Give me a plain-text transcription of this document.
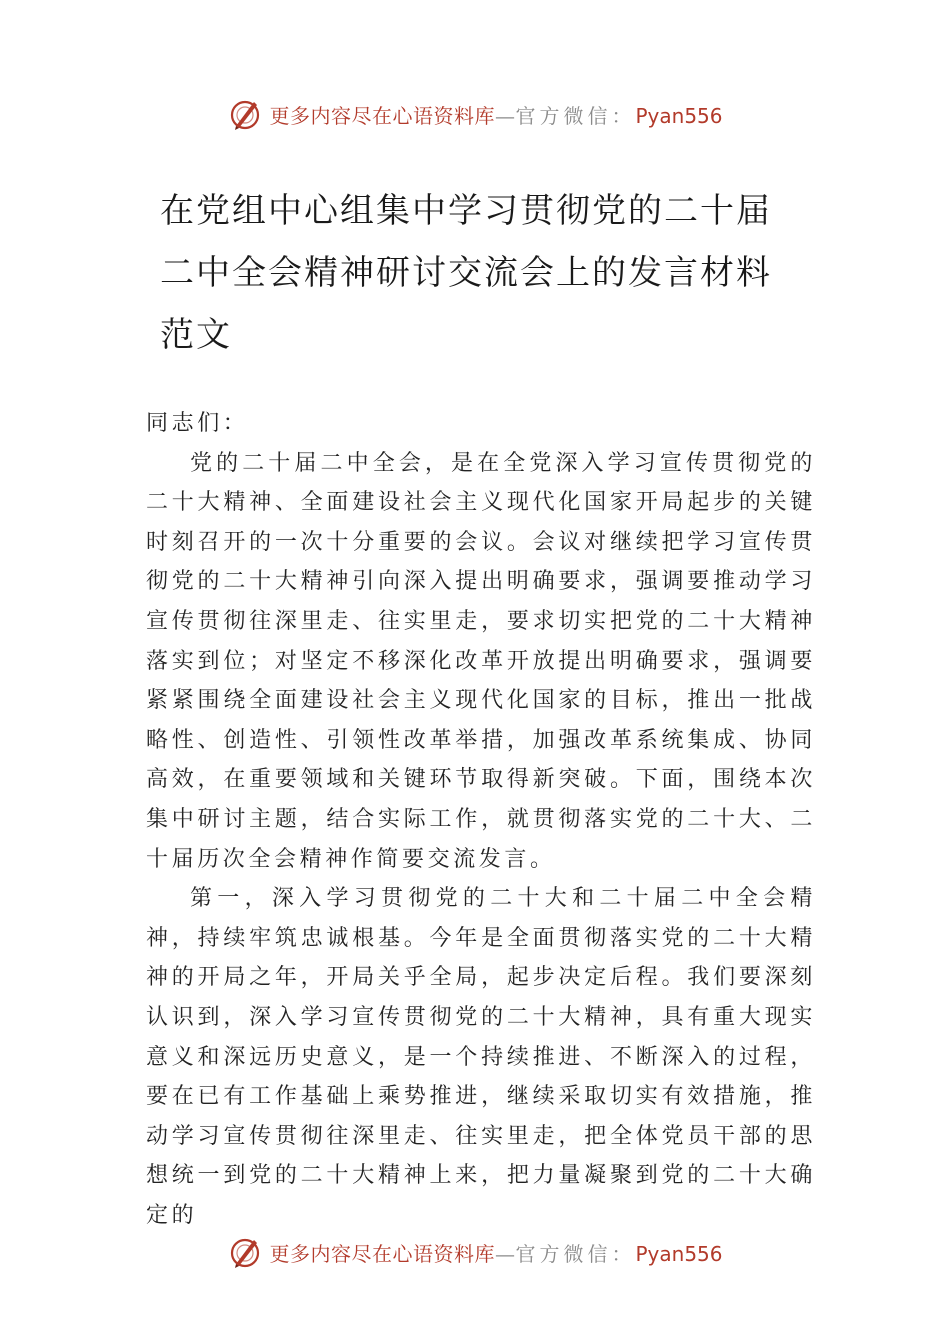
更多内容尽在心语资料库—官方微信：Pyan556
在党组中心组集中学习贯彻党的二十届二中全会精神研讨交流会上的发言材料范文

同志们：

党的二十届二中全会，是在全党深入学习宣传贯彻党的二十大精神、全面建设社会主义现代化国家开局起步的关键时刻召开的一次十分重要的会议。会议对继续把学习宣传贯彻党的二十大精神引向深入提出明确要求，强调要推动学习宣传贯彻往深里走、往实里走，要求切实把党的二十大精神落实到位；对坚定不移深化改革开放提出明确要求，强调要紧紧围绕全面建设社会主义现代化国家的目标，推出一批战略性、创造性、引领性改革举措，加强改革系统集成、协同高效，在重要领域和关键环节取得新突破。下面，围绕本次集中研讨主题，结合实际工作，就贯彻落实党的二十大、二十届历次全会精神作简要交流发言。

第一，深入学习贯彻党的二十大和二十届二中全会精神，持续牢筑忠诚根基。今年是全面贯彻落实党的二十大精神的开局之年，开局关乎全局，起步决定后程。我们要深刻认识到，深入学习宣传贯彻党的二十大精神，具有重大现实意义和深远历史意义，是一个持续推进、不断深入的过程，要在已有工作基础上乘势推进，继续采取切实有效措施，推动学习宣传贯彻往深里走、往实里走，把全体党员干部的思想统一到党的二十大精神上来，把力量凝聚到党的二十大确定的

更多内容尽在心语资料库—官方微信：Pyan556
